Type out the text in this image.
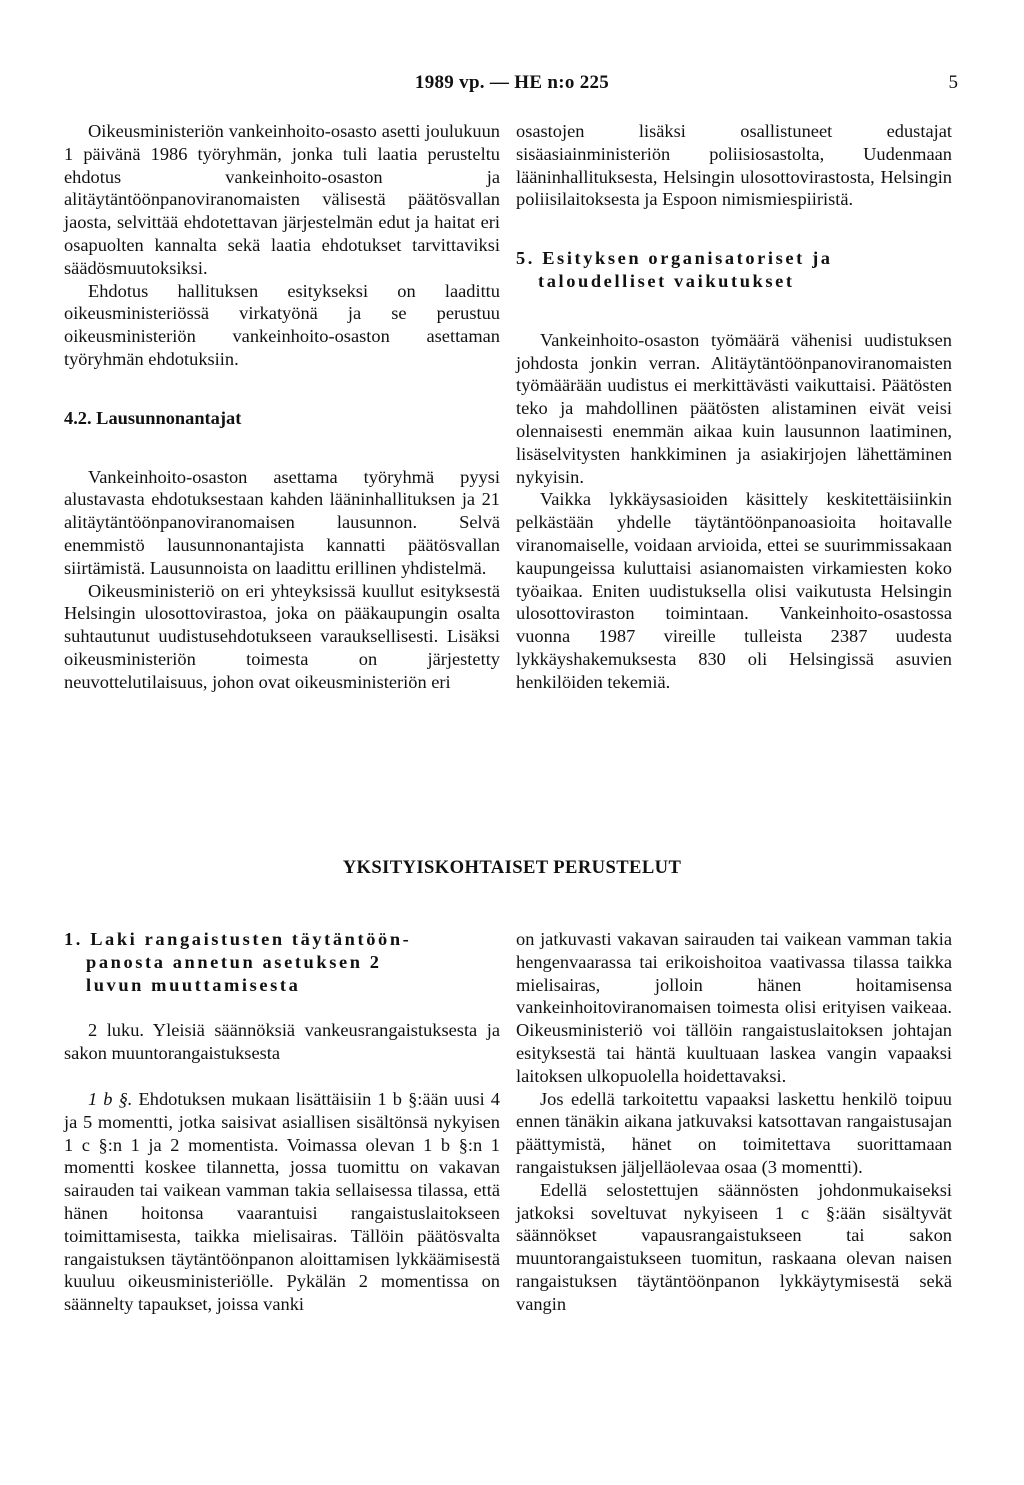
1989 vp. — HE n:o 225	5

Oikeusministeriön vankeinhoito-osasto asetti joulukuun 1 päivänä 1986 työryhmän, jonka tuli laatia perusteltu ehdotus vankeinhoito-osaston ja alitäytäntöönpanoviranomaisten välisestä päätösvallan jaosta, selvittää ehdotettavan järjestelmän edut ja haitat eri osapuolten kannalta sekä laatia ehdotukset tarvittaviksi säädösmuutoksiksi.

Ehdotus hallituksen esitykseksi on laadittu oikeusministeriössä virkatyönä ja se perustuu oikeusministeriön vankeinhoito-osaston asettaman työryhmän ehdotuksiin.

4.2. Lausunnonantajat

Vankeinhoito-osaston asettama työryhmä pyysi alustavasta ehdotuksestaan kahden lääninhallituksen ja 21 alitäytäntöönpanoviranomaisen lausunnon. Selvä enemmistö lausunnonantajista kannatti päätösvallan siirtämistä. Lausunnoista on laadittu erillinen yhdistelmä.

Oikeusministeriö on eri yhteyksissä kuullut esityksestä Helsingin ulosottovirastoa, joka on pääkaupungin osalta suhtautunut uudistusehdotukseen varauksellisesti. Lisäksi oikeusministeriön toimesta on järjestetty neuvottelutilaisuus, johon ovat oikeusministeriön eri

osastojen lisäksi osallistuneet edustajat sisäasiainministeriön poliisiosastolta, Uudenmaan lääninhallituksesta, Helsingin ulosottovirastosta, Helsingin poliisilaitoksesta ja Espoon nimismiespiiristä.

5. Esityksen organisatoriset ja
taloudelliset vaikutukset

Vankeinhoito-osaston työmäärä vähenisi uudistuksen johdosta jonkin verran. Alitäytäntöönpanoviranomaisten työmäärään uudistus ei merkittävästi vaikuttaisi. Päätösten teko ja mahdollinen päätösten alistaminen eivät veisi olennaisesti enemmän aikaa kuin lausunnon laatiminen, lisäselvitysten hankkiminen ja asiakirjojen lähettäminen nykyisin.

Vaikka lykkäysasioiden käsittely keskitettäisiinkin pelkästään yhdelle täytäntöönpanoasioita hoitavalle viranomaiselle, voidaan arvioida, ettei se suurimmissakaan kaupungeissa kuluttaisi asianomaisten virkamiesten koko työaikaa. Eniten uudistuksella olisi vaikutusta Helsingin ulosottoviraston toimintaan. Vankeinhoito-osastossa vuonna 1987 vireille tulleista 2387 uudesta lykkäyshakemuksesta 830 oli Helsingissä asuvien henkilöiden tekemiä.

YKSITYISKOHTAISET PERUSTELUT
1. Laki rangaistusten täytäntöön-
panosta annetun asetuksen 2
luvun muuttamisesta

2 luku. Yleisiä säännöksiä vankeusrangaistuksesta ja sakon muuntorangaistuksesta

1 b §. Ehdotuksen mukaan lisättäisiin 1 b §:ään uusi 4 ja 5 momentti, jotka saisivat asiallisen sisältönsä nykyisen 1 c §:n 1 ja 2 momentista. Voimassa olevan 1 b §:n 1 momentti koskee tilannetta, jossa tuomittu on vakavan sairauden tai vaikean vamman takia sellaisessa tilassa, että hänen hoitonsa vaarantuisi rangaistuslaitokseen toimittamisesta, taikka mielisairas. Tällöin päätösvalta rangaistuksen täytäntöönpanon aloittamisen lykkäämisestä kuuluu oikeusministeriölle. Pykälän 2 momentissa on säännelty tapaukset, joissa vanki

on jatkuvasti vakavan sairauden tai vaikean vamman takia hengenvaarassa tai erikoishoitoa vaativassa tilassa taikka mielisairas, jolloin hänen hoitamisensa vankeinhoitoviranomaisen toimesta olisi erityisen vaikeaa. Oikeusministeriö voi tällöin rangaistuslaitoksen johtajan esityksestä tai häntä kuultuaan laskea vangin vapaaksi laitoksen ulkopuolella hoidettavaksi.

Jos edellä tarkoitettu vapaaksi laskettu henkilö toipuu ennen tänäkin aikana jatkuvaksi katsottavan rangaistusajan päättymistä, hänet on toimitettava suorittamaan rangaistuksen jäljelläolevaa osaa (3 momentti).

Edellä selostettujen säännösten johdonmukaiseksi jatkoksi soveltuvat nykyiseen 1 c §:ään sisältyvät säännökset vapausrangaistukseen tai sakon muuntorangaistukseen tuomitun, raskaana olevan naisen rangaistuksen täytäntöönpanon lykkäytymisestä sekä vangin
